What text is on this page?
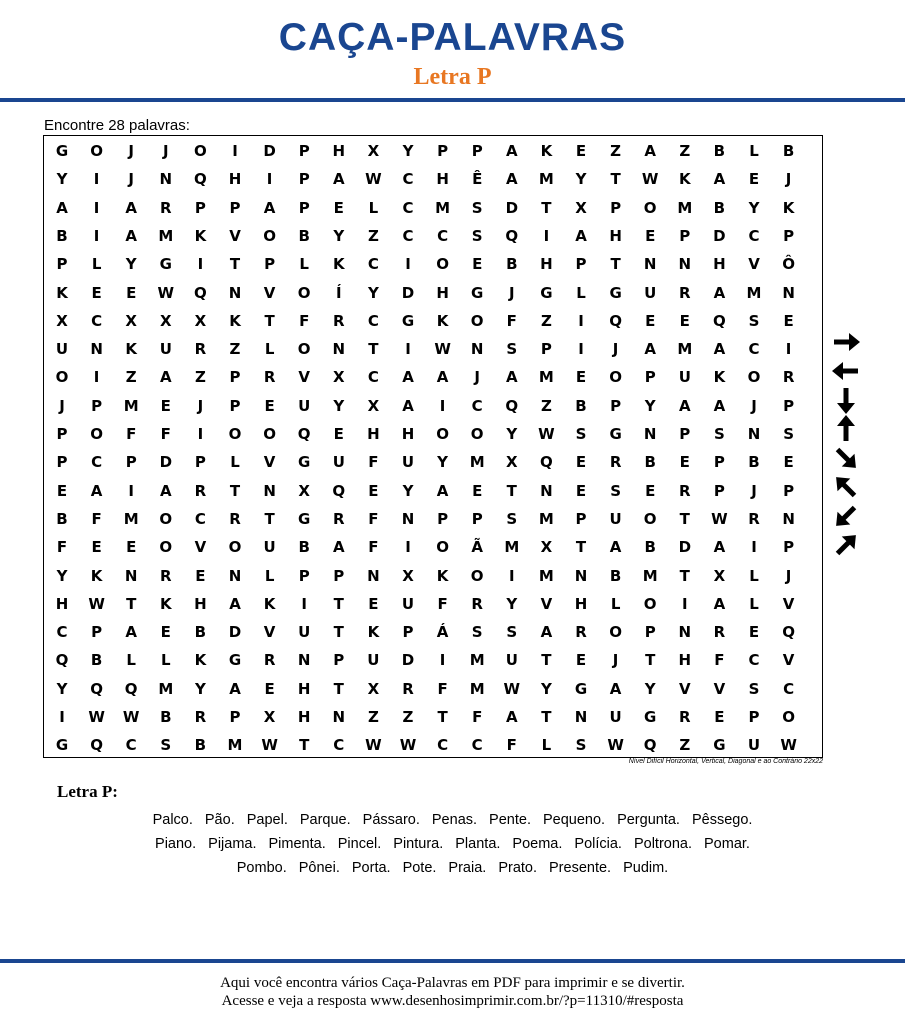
CAÇA-PALAVRAS
Letra P
Encontre 28 palavras:
G	O	J	J	O	I	D	P	H	X	Y	P	P	A	K	E	Z	A	Z	B	L	B
Y	I	J	N	Q	H	I	P	A	W	C	H	Ê	A	M	Y	T	W	K	A	E	J
A	I	A	R	P	P	A	P	E	L	C	M	S	D	T	X	P	O	M	B	Y	K
B	I	A	M	K	V	O	B	Y	Z	C	C	S	Q	I	A	H	E	P	D	C	P
P	L	Y	G	I	T	P	L	K	C	I	O	E	B	H	P	T	N	N	H	V	Ô
K	E	E	W	Q	N	V	O	Í	Y	D	H	G	J	G	L	G	U	R	A	M	N
X	C	X	X	X	K	T	F	R	C	G	K	O	F	Z	I	Q	E	E	Q	S	E
U	N	K	U	R	Z	L	O	N	T	I	W	N	S	P	I	J	A	M	A	C	I
O	I	Z	A	Z	P	R	V	X	C	A	A	J	A	M	E	O	P	U	K	O	R
J	P	M	E	J	P	E	U	Y	X	A	I	C	Q	Z	B	P	Y	A	A	J	P
P	O	F	F	I	O	O	Q	E	H	H	O	O	Y	W	S	G	N	P	S	N	S
P	C	P	D	P	L	V	G	U	F	U	Y	M	X	Q	E	R	B	E	P	B	E
E	A	I	A	R	T	N	X	Q	E	Y	A	E	T	N	E	S	E	R	P	J	P
B	F	M	O	C	R	T	G	R	F	N	P	P	S	M	P	U	O	T	W	R	N
F	E	E	O	V	O	U	B	A	F	I	O	Ã	M	X	T	A	B	D	A	I	P
Y	K	N	R	E	N	L	P	P	N	X	K	O	I	M	N	B	M	T	X	L	J
H	W	T	K	H	A	K	I	T	E	U	F	R	Y	V	H	L	O	I	A	L	V
C	P	A	E	B	D	V	U	T	K	P	Á	S	S	A	R	O	P	N	R	E	Q
Q	B	L	L	K	G	R	N	P	U	D	I	M	U	T	E	J	T	H	F	C	V
Y	Q	Q	M	Y	A	E	H	T	X	R	F	M	W	Y	G	A	Y	V	V	S	C
I	W	W	B	R	P	X	H	N	Z	Z	T	F	A	T	N	U	G	R	E	P	O
G	Q	C	S	B	M	W	T	C	W	W	C	C	F	L	S	W	Q	Z	G	U	W
Nível Difícil Horizontal, Vertical, Diagonal e ao Contrário 22x22
Letra P:
Palco. Pão. Papel. Parque. Pássaro. Penas. Pente. Pequeno. Pergunta. Pêssego.
Piano. Pijama. Pimenta. Pincel. Pintura. Planta. Poema. Polícia. Poltrona. Pomar.
Pombo. Pônei. Porta. Pote. Praia. Prato. Presente. Pudim.
Aqui você encontra vários Caça-Palavras em PDF para imprimir e se divertir.
Acesse e veja a resposta www.desenhosimprimir.com.br/?p=11310/#resposta
